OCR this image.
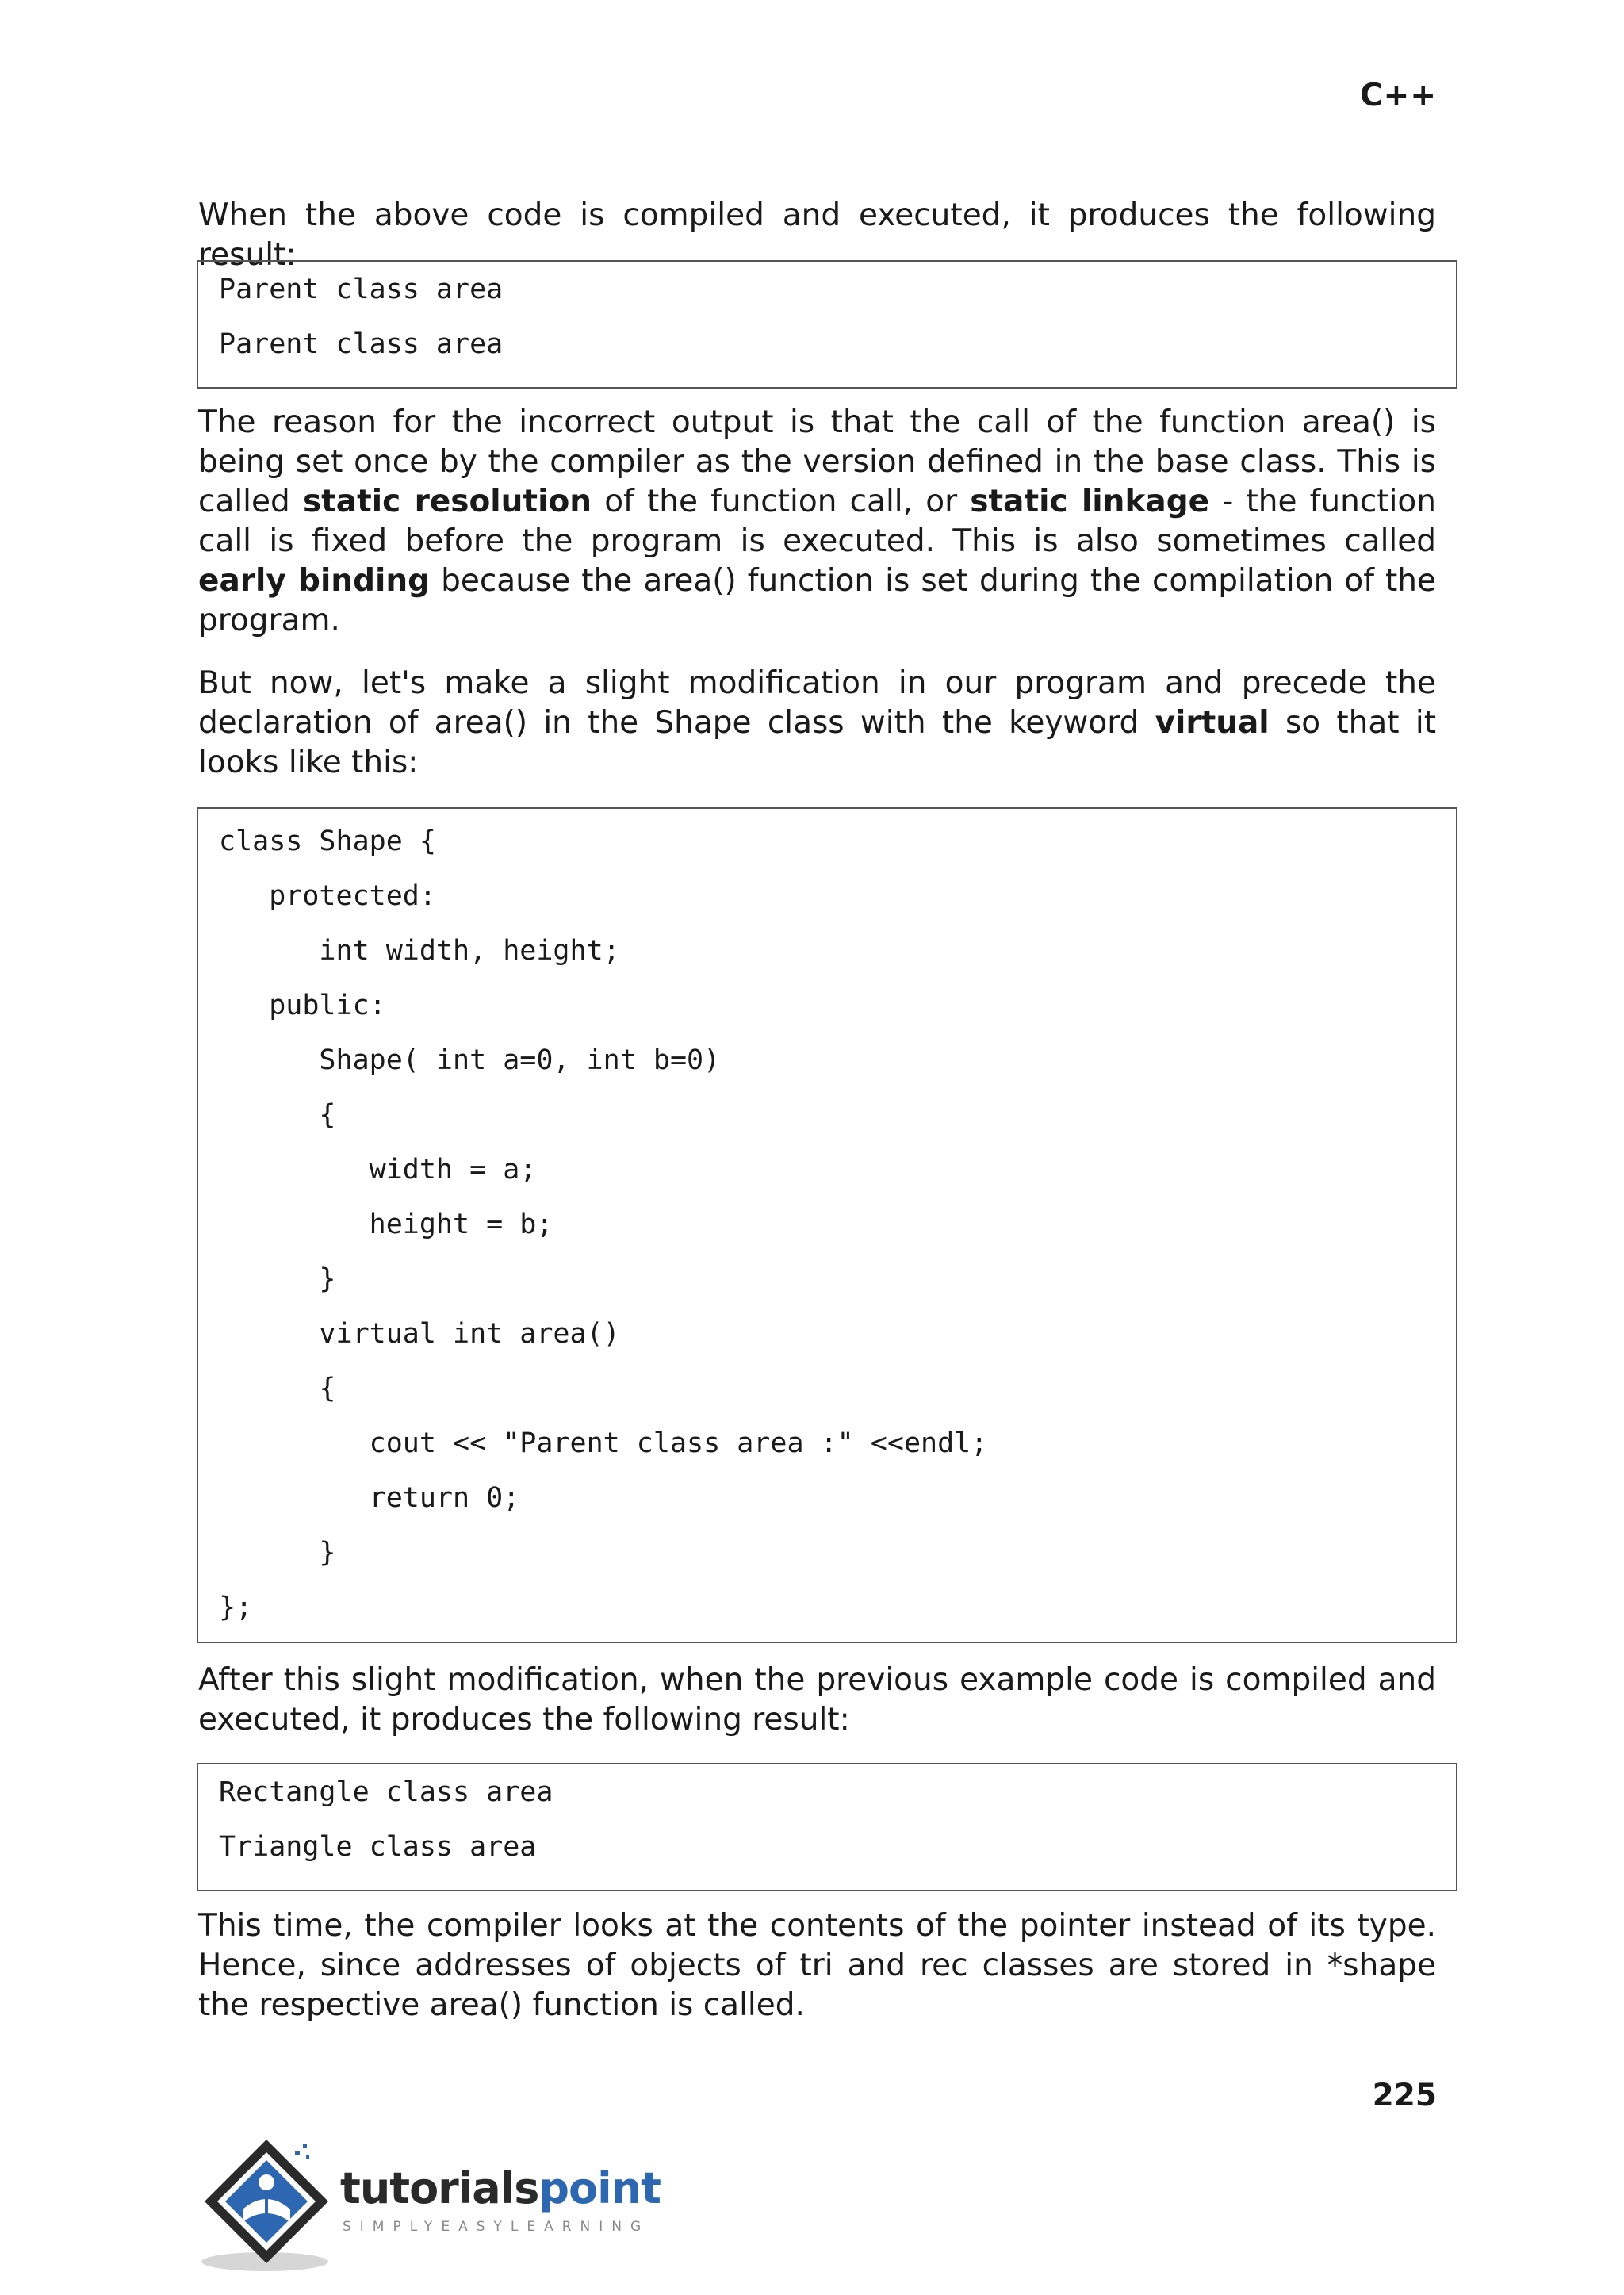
C++

When the above code is compiled and executed, it produces the following result:

Parent class area
Parent class area

The reason for the incorrect output is that the call of the function area() is being set once by the compiler as the version defined in the base class. This is called static resolution of the function call, or static linkage - the function call is fixed before the program is executed. This is also sometimes called early binding because the area() function is set during the compilation of the program.

But now, let's make a slight modification in our program and precede the declaration of area() in the Shape class with the keyword virtual so that it looks like this:

class Shape {
protected:
int width, height;
public:
Shape( int a=0, int b=0)
{
width = a;
height = b;
}
virtual int area()
{
cout << "Parent class area :" <<endl;
return 0;
}
};

After this slight modification, when the previous example code is compiled and executed, it produces the following result:

Rectangle class area
Triangle class area

This time, the compiler looks at the contents of the pointer instead of its type. Hence, since addresses of objects of tri and rec classes are stored in *shape the respective area() function is called.

225
tutorialspoint
SIMPLYEASYLEARNING
